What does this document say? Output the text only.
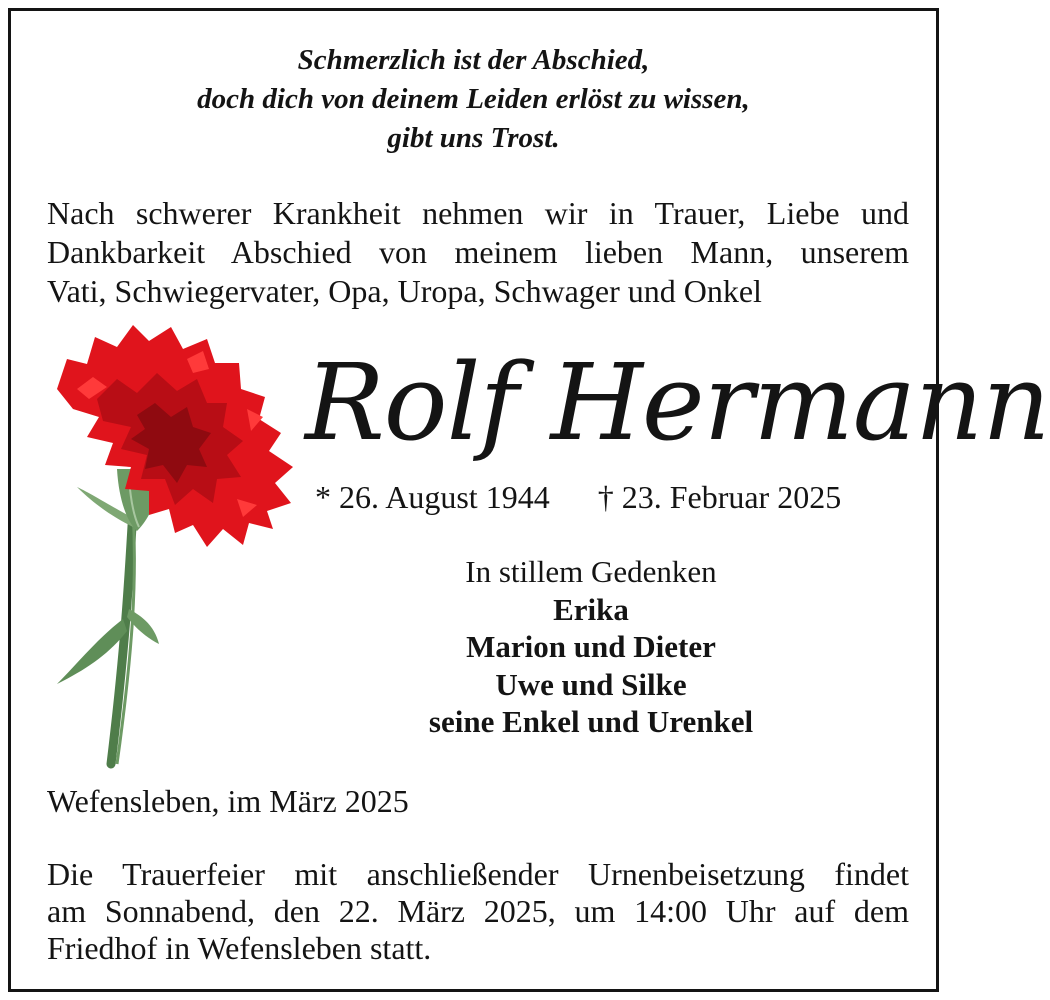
Schmerzlich ist der Abschied,
doch dich von deinem Leiden erlöst zu wissen,
gibt uns Trost.
Nach schwerer Krankheit nehmen wir in Trauer, Liebe und
Dankbarkeit Abschied von meinem lieben Mann, unserem
Vati, Schwiegervater, Opa, Uropa, Schwager und Onkel
Rolf Hermann
* 26. August 1944 † 23. Februar 2025
In stillem Gedenken
Erika
Marion und Dieter
Uwe und Silke
seine Enkel und Urenkel
Wefensleben, im März 2025
Die Trauerfeier mit anschließender Urnenbeisetzung findet
am Sonnabend, den 22. März 2025, um 14:00 Uhr auf dem
Friedhof in Wefensleben statt.
